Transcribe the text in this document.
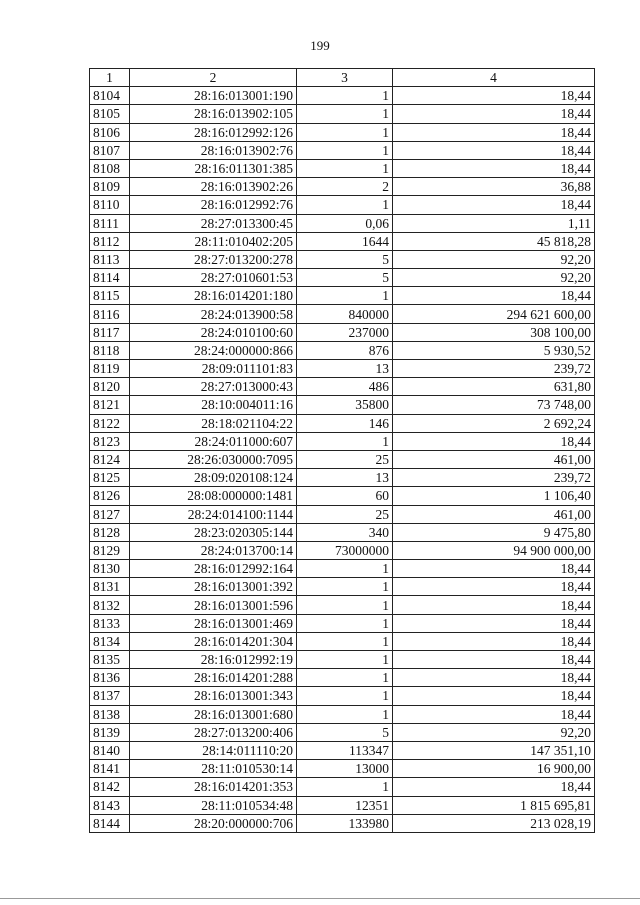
199
1	2	3	4
8104	28:16:013001:190	1	18,44
8105	28:16:013902:105	1	18,44
8106	28:16:012992:126	1	18,44
8107	28:16:013902:76	1	18,44
8108	28:16:011301:385	1	18,44
8109	28:16:013902:26	2	36,88
8110	28:16:012992:76	1	18,44
8111	28:27:013300:45	0,06	1,11
8112	28:11:010402:205	1644	45 818,28
8113	28:27:013200:278	5	92,20
8114	28:27:010601:53	5	92,20
8115	28:16:014201:180	1	18,44
8116	28:24:013900:58	840000	294 621 600,00
8117	28:24:010100:60	237000	308 100,00
8118	28:24:000000:866	876	5 930,52
8119	28:09:011101:83	13	239,72
8120	28:27:013000:43	486	631,80
8121	28:10:004011:16	35800	73 748,00
8122	28:18:021104:22	146	2 692,24
8123	28:24:011000:607	1	18,44
8124	28:26:030000:7095	25	461,00
8125	28:09:020108:124	13	239,72
8126	28:08:000000:1481	60	1 106,40
8127	28:24:014100:1144	25	461,00
8128	28:23:020305:144	340	9 475,80
8129	28:24:013700:14	73000000	94 900 000,00
8130	28:16:012992:164	1	18,44
8131	28:16:013001:392	1	18,44
8132	28:16:013001:596	1	18,44
8133	28:16:013001:469	1	18,44
8134	28:16:014201:304	1	18,44
8135	28:16:012992:19	1	18,44
8136	28:16:014201:288	1	18,44
8137	28:16:013001:343	1	18,44
8138	28:16:013001:680	1	18,44
8139	28:27:013200:406	5	92,20
8140	28:14:011110:20	113347	147 351,10
8141	28:11:010530:14	13000	16 900,00
8142	28:16:014201:353	1	18,44
8143	28:11:010534:48	12351	1 815 695,81
8144	28:20:000000:706	133980	213 028,19
